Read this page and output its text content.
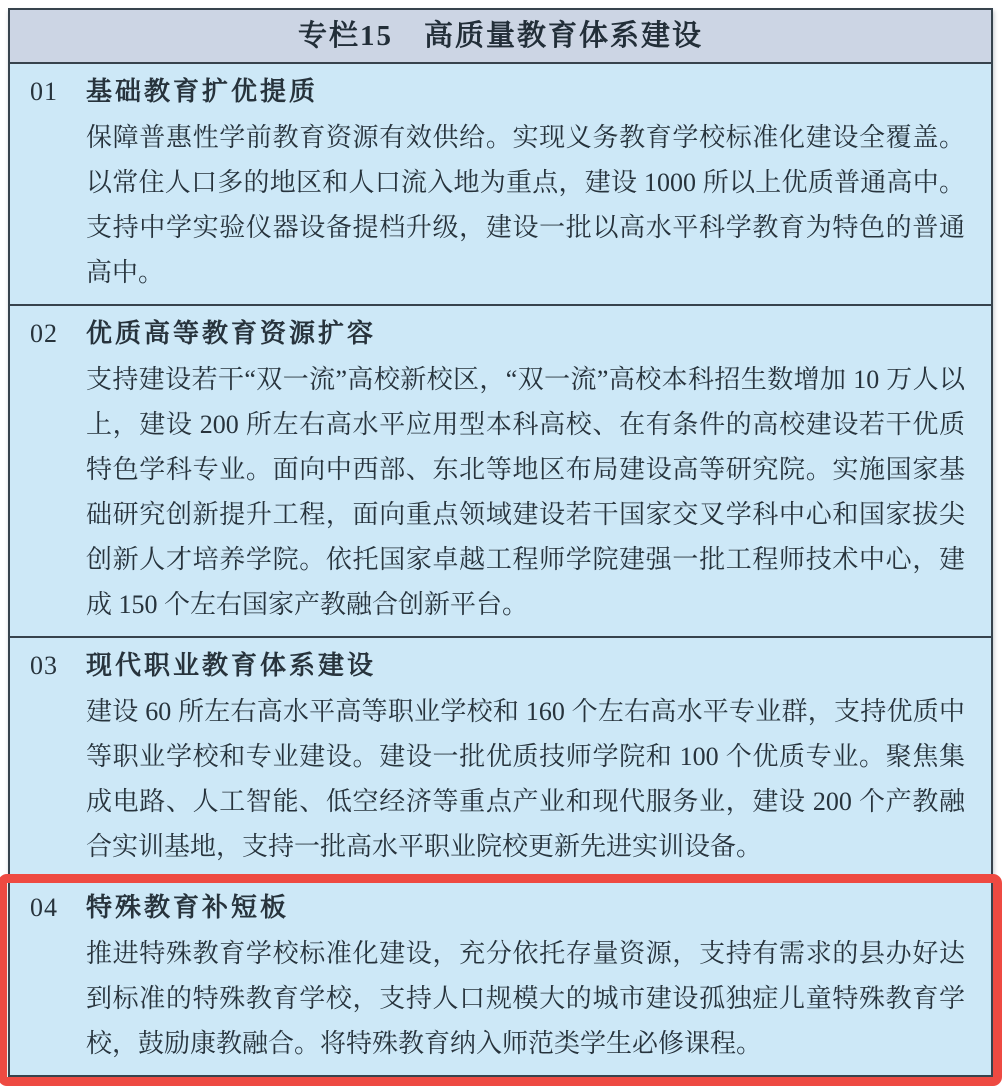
专栏15　高质量教育体系建设
01	基础教育扩优提质

保障普惠性学前教育资源有效供给。实现义务教育学校标准化建设全覆盖。以常住人口多的地区和人口流入地为重点，建设 1000 所以上优质普通高中。支持中学实验仪器设备提档升级，建设一批以高水平科学教育为特色的普通高中。

02	优质高等教育资源扩容

支持建设若干“双一流”高校新校区，“双一流”高校本科招生数增加 10 万人以上，建设 200 所左右高水平应用型本科高校、在有条件的高校建设若干优质特色学科专业。面向中西部、东北等地区布局建设高等研究院。实施国家基础研究创新提升工程，面向重点领域建设若干国家交叉学科中心和国家拔尖创新人才培养学院。依托国家卓越工程师学院建强一批工程师技术中心，建成 150 个左右国家产教融合创新平台。

03	现代职业教育体系建设

建设 60 所左右高水平高等职业学校和 160 个左右高水平专业群，支持优质中等职业学校和专业建设。建设一批优质技师学院和 100 个优质专业。聚焦集成电路、人工智能、低空经济等重点产业和现代服务业，建设 200 个产教融合实训基地，支持一批高水平职业院校更新先进实训设备。

04	特殊教育补短板

推进特殊教育学校标准化建设，充分依托存量资源，支持有需求的县办好达到标准的特殊教育学校，支持人口规模大的城市建设孤独症儿童特殊教育学校，鼓励康教融合。将特殊教育纳入师范类学生必修课程。
